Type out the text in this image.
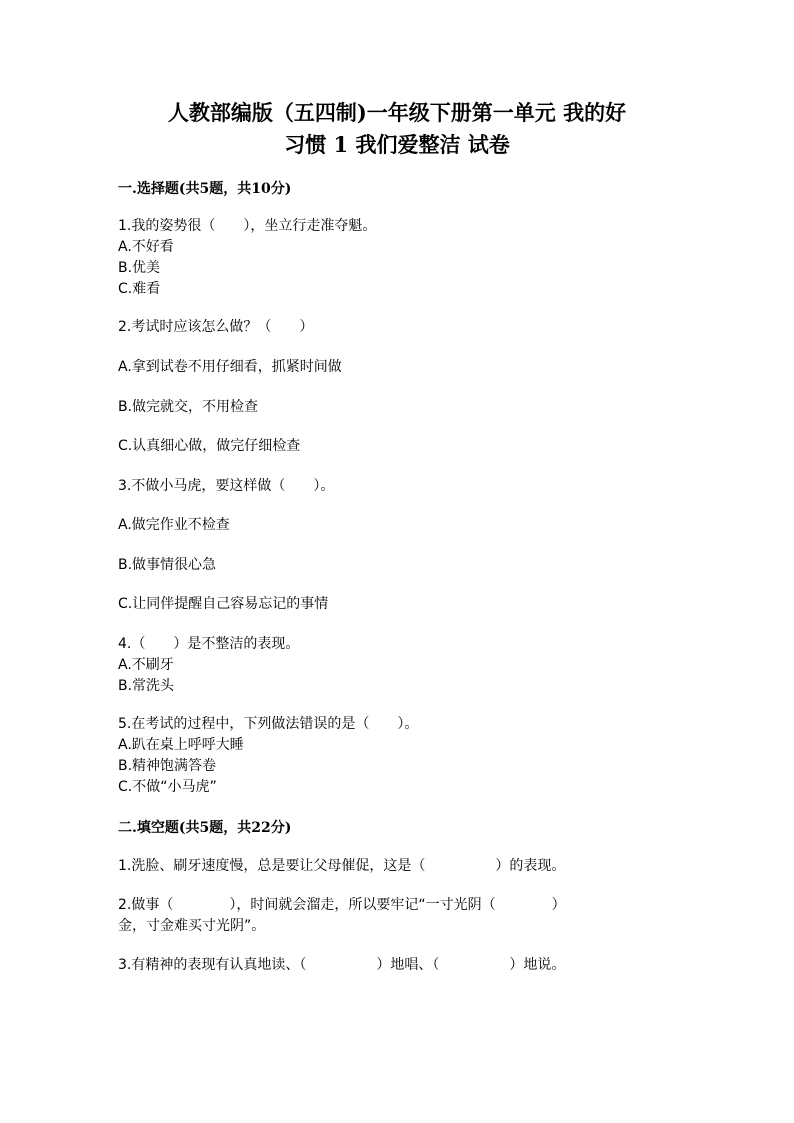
人教部编版（五四制)一年级下册第一单元 我的好
习惯 1 我们爱整洁 试卷
一.选择题(共5题，共10分)
1.我的姿势很（　　），坐立行走准夺魁。
A.不好看
B.优美
C.难看
2.考试时应该怎么做？（　　）
A.拿到试卷不用仔细看，抓紧时间做
B.做完就交，不用检查
C.认真细心做，做完仔细检查
3.不做小马虎，要这样做（　　）。
A.做完作业不检查
B.做事情很心急
C.让同伴提醒自己容易忘记的事情
4.（　　）是不整洁的表现。
A.不刷牙
B.常洗头
5.在考试的过程中，下列做法错误的是（　　）。
A.趴在桌上呼呼大睡
B.精神饱满答卷
C.不做“小马虎”
二.填空题(共5题，共22分)
1.洗脸、刷牙速度慢，总是要让父母催促，这是（　　　　　）的表现。
2.做事（　　　　），时间就会溜走，所以要牢记“一寸光阴（　　　　）
金，寸金难买寸光阴”。
3.有精神的表现有认真地读、（　　　　　）地唱、（　　　　　）地说。
